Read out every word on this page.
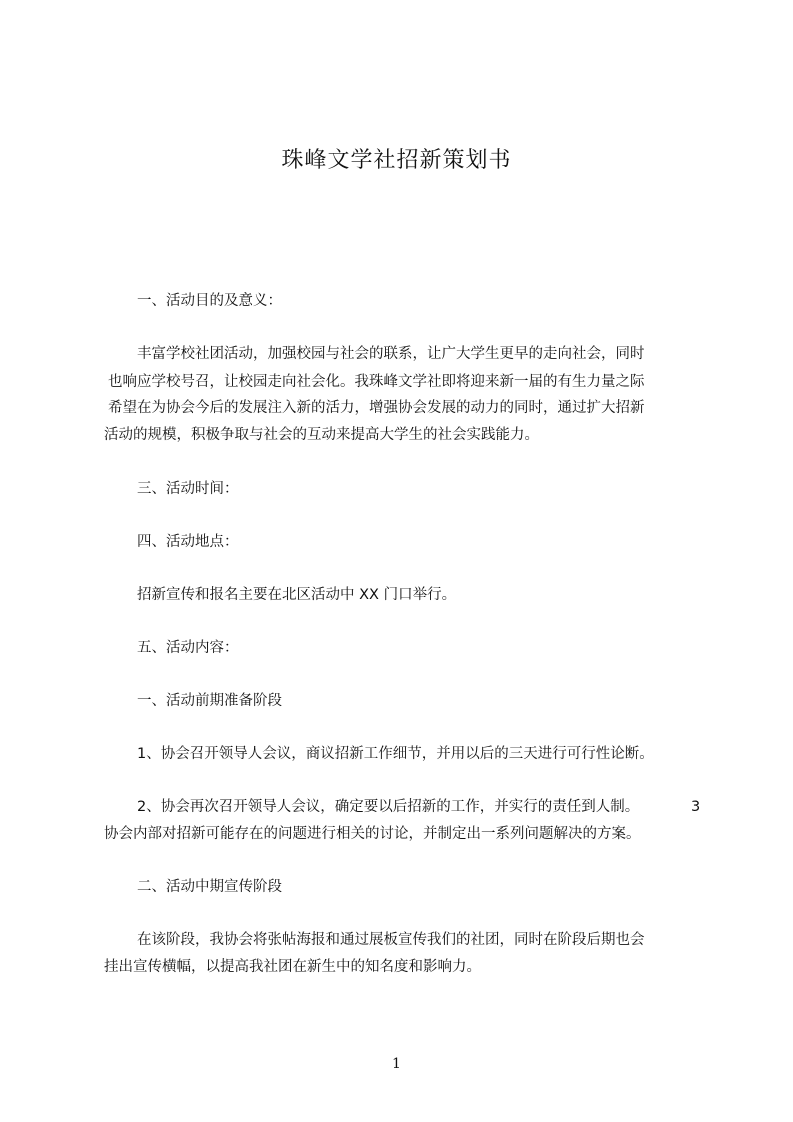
珠峰文学社招新策划书
一、活动目的及意义：
丰富学校社团活动，加强校园与社会的联系，让广大学生更早的走向社会，同时
也响应学校号召，让校园走向社会化。我珠峰文学社即将迎来新一届的有生力量之际
希望在为协会今后的发展注入新的活力，增强协会发展的动力的同时，通过扩大招新
活动的规模，积极争取与社会的互动来提高大学生的社会实践能力。
三、活动时间：
四、活动地点：
招新宣传和报名主要在北区活动中 XX 门口举行。
五、活动内容：
一、活动前期准备阶段
1、协会召开领导人会议，商议招新工作细节，并用以后的三天进行可行性论断。
2、协会再次召开领导人会议，确定要以后招新的工作，并实行的责任到人制。	3
协会内部对招新可能存在的问题进行相关的讨论，并制定出一系列问题解决的方案。
二、活动中期宣传阶段
在该阶段，我协会将张帖海报和通过展板宣传我们的社团，同时在阶段后期也会
挂出宣传横幅，以提高我社团在新生中的知名度和影响力。
1
